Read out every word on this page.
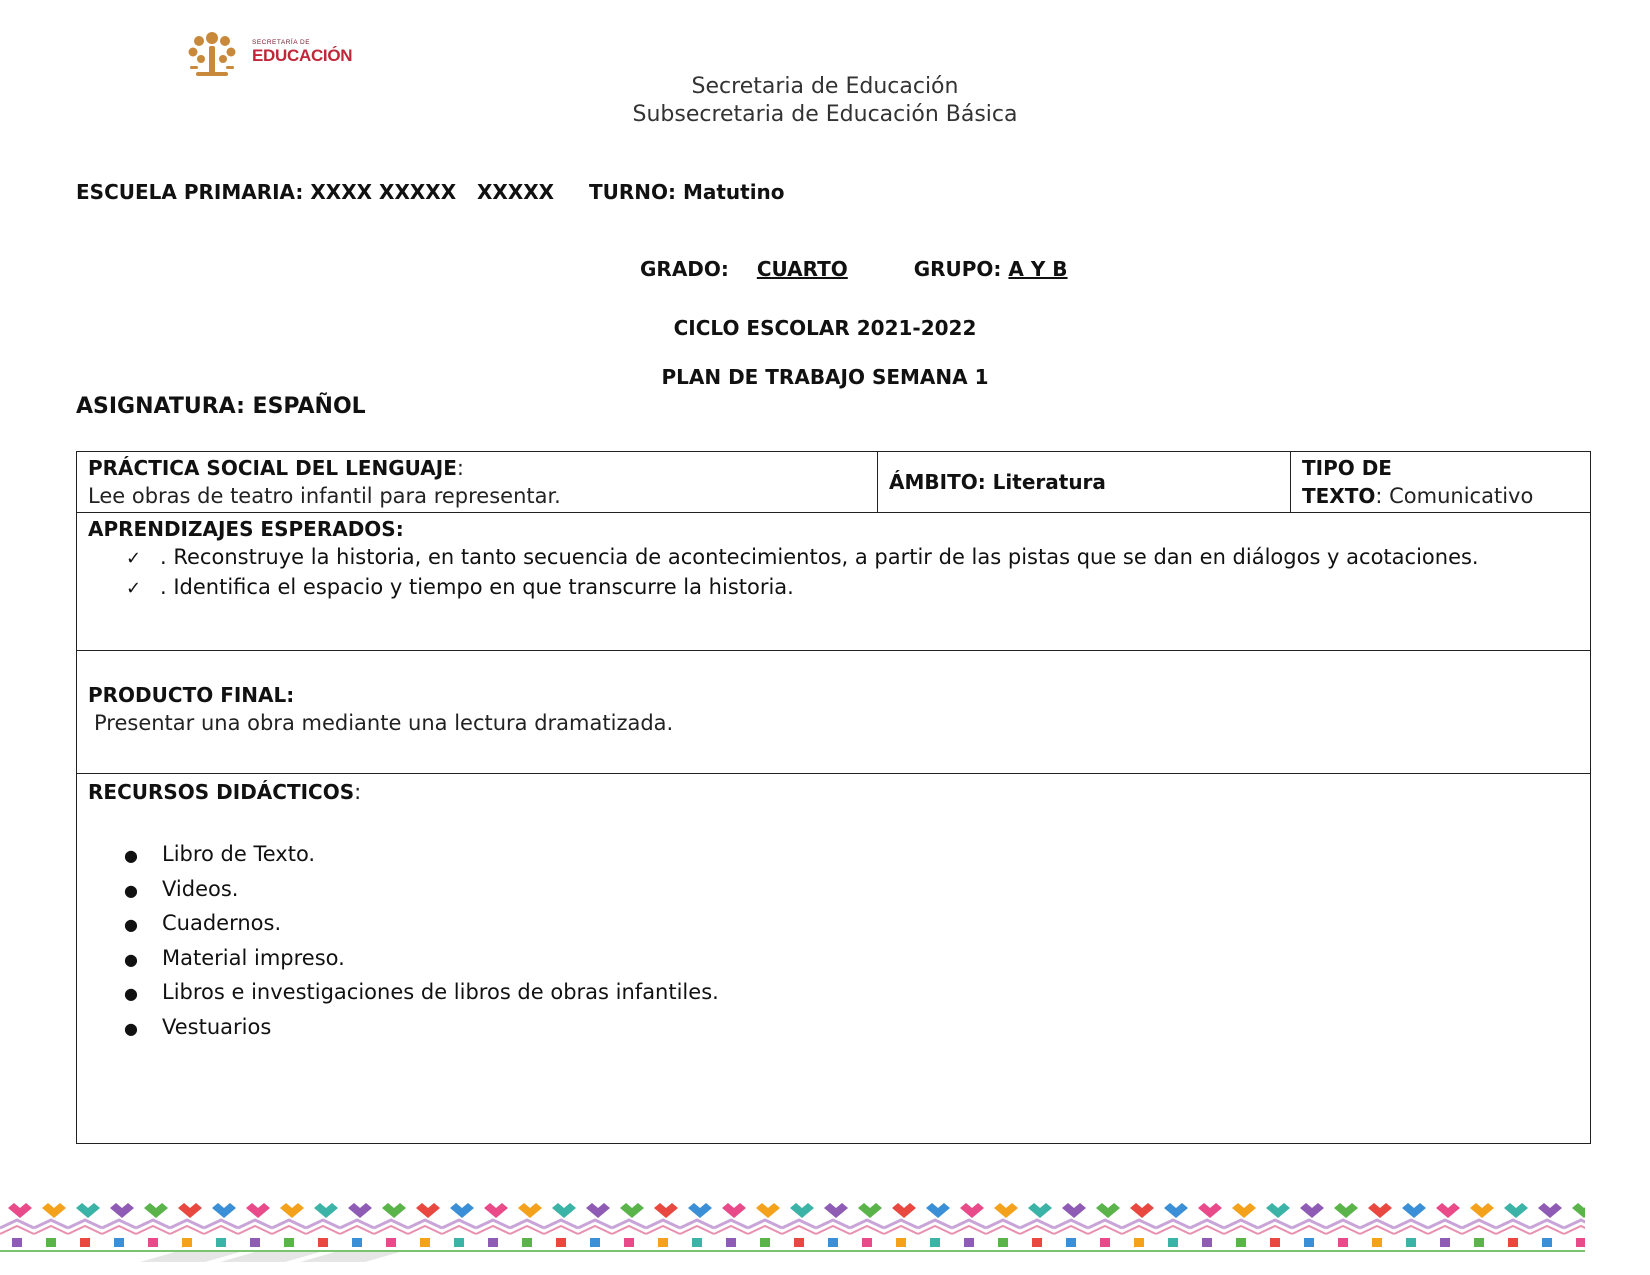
SECRETARÍA DE
EDUCACIÓN
Secretaria de Educación
Subsecretaria de Educación Básica
ESCUELA PRIMARIA: XXXX XXXXX   XXXXX TURNO: Matutino
GRADO: CUARTO	GRUPO: A Y B
CICLO ESCOLAR 2021-2022
PLAN DE TRABAJO SEMANA 1
ASIGNATURA: ESPAÑOL
PRÁCTICA SOCIAL DEL LENGUAJE:
Lee obras de teatro infantil para representar.
	ÁMBITO: Literatura	
TIPO DE
TEXTO: Comunicativo

APRENDIZAJES ESPERADOS:
✓ . Reconstruye la historia, en tanto secuencia de acontecimientos, a partir de las pistas que se dan en diálogos y acotaciones.
✓ . Identifica el espacio y tiempo en que transcurre la historia.

PRODUCTO FINAL:
Presentar una obra mediante una lectura dramatizada.

RECURSOS DIDÁCTICOS:
●	Libro de Texto.
●	Videos.
●	Cuadernos.
●	Material impreso.
●	Libros e investigaciones de libros de obras infantiles.
●	Vestuarios
